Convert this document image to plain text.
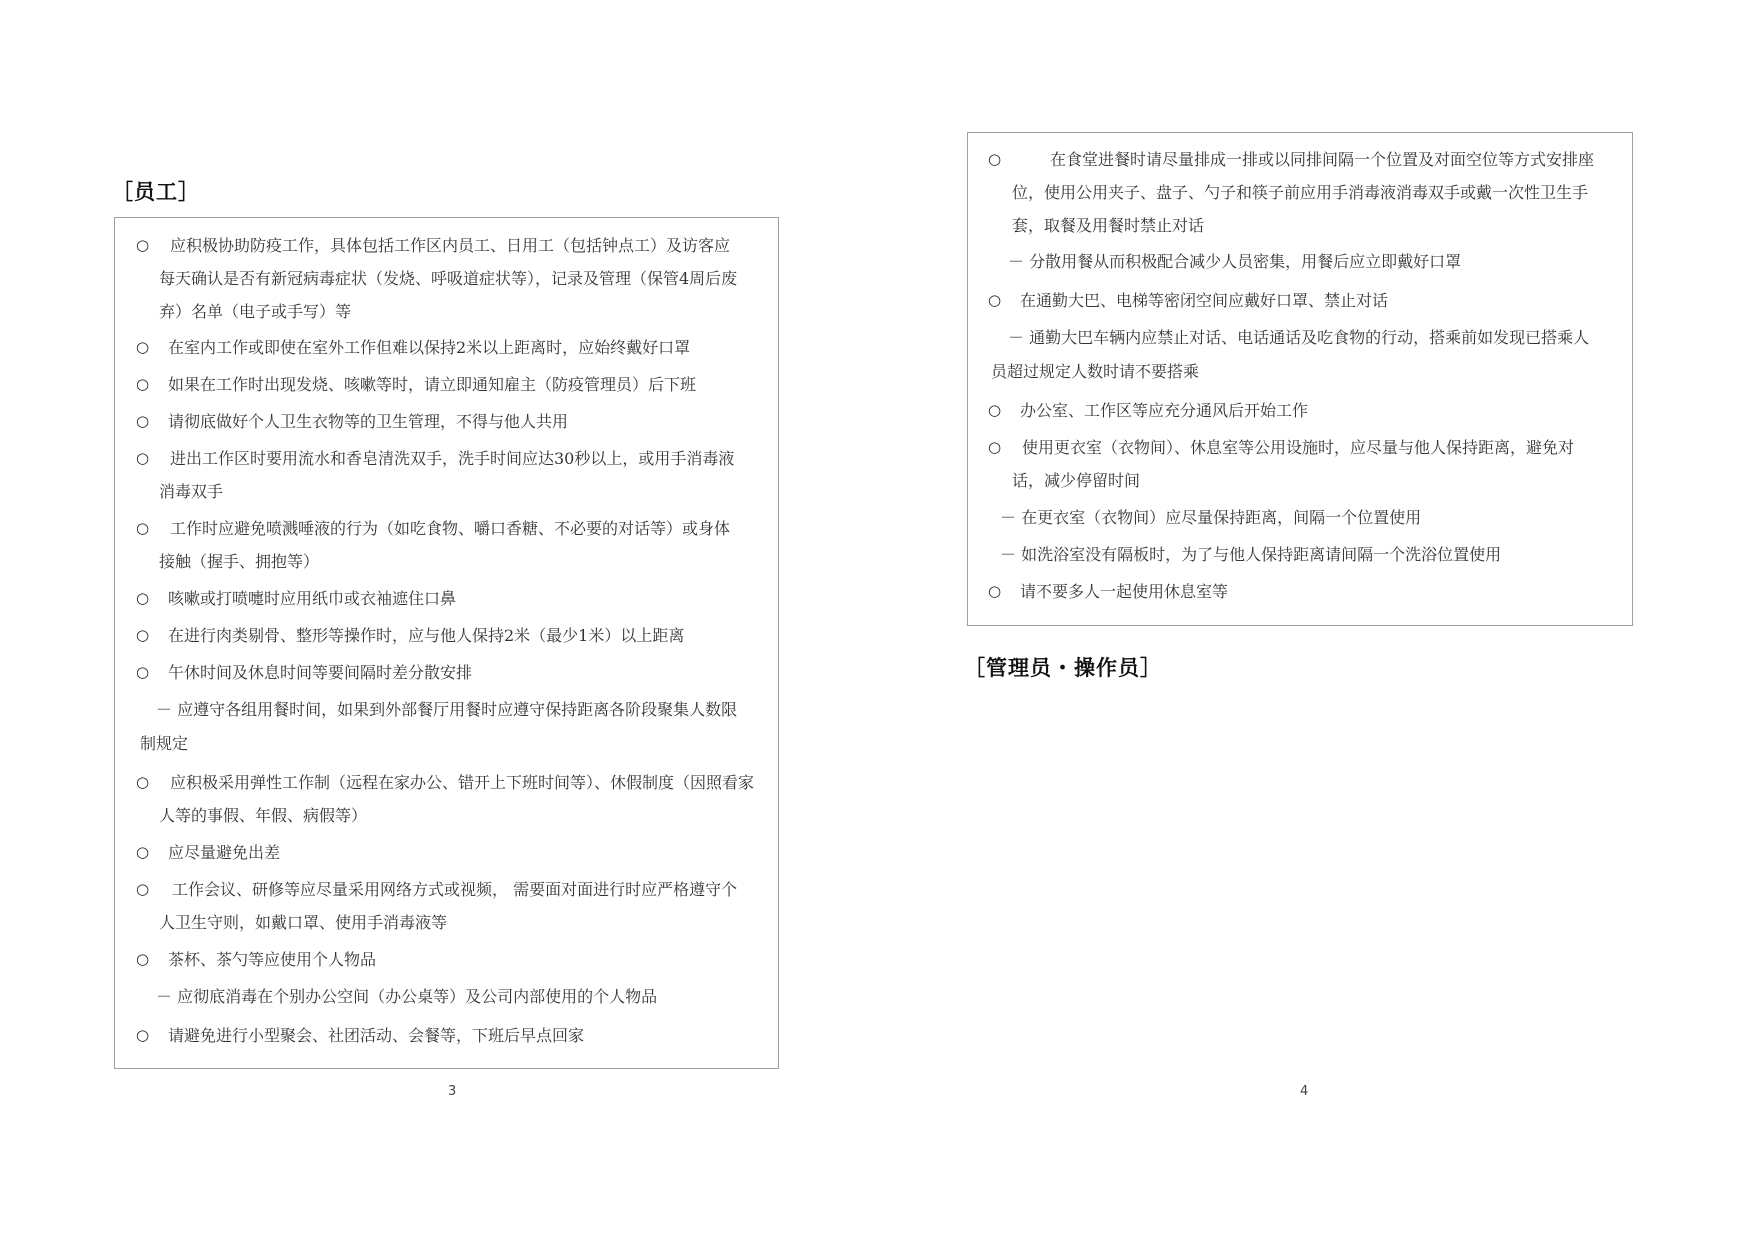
［员工］
○ 应积极协助防疫工作，具体包括工作区内员工、日用工（包括钟点工）及访客应
每天确认是否有新冠病毒症状（发烧、呼吸道症状等），记录及管理（保管4周后废
弃）名单（电子或手写）等
○ 在室内工作或即使在室外工作但难以保持2米以上距离时，应始终戴好口罩
○ 如果在工作时出现发烧、咳嗽等时，请立即通知雇主（防疫管理员）后下班
○ 请彻底做好个人卫生衣物等的卫生管理，不得与他人共用
○ 进出工作区时要用流水和香皂清洗双手，洗手时间应达30秒以上，或用手消毒液
消毒双手
○ 工作时应避免喷溅唾液的行为（如吃食物、嚼口香糖、不必要的对话等）或身体
接触（握手、拥抱等）
○ 咳嗽或打喷嚏时应用纸巾或衣袖遮住口鼻
○ 在进行肉类剔骨、整形等操作时，应与他人保持2米（最少1米）以上距离
○ 午休时间及休息时间等要间隔时差分散安排
－ 应遵守各组用餐时间，如果到外部餐厅用餐时应遵守保持距离各阶段聚集人数限
制规定
○ 应积极采用弹性工作制（远程在家办公、错开上下班时间等）、休假制度（因照看家
人等的事假、年假、病假等）
○ 应尽量避免出差
○ 工作会议、研修等应尽量采用网络方式或视频， 需要面对面进行时应严格遵守个
人卫生守则，如戴口罩、使用手消毒液等
○ 茶杯、茶勺等应使用个人物品
－ 应彻底消毒在个别办公空间（办公桌等）及公司内部使用的个人物品
○ 请避免进行小型聚会、社团活动、会餐等，下班后早点回家
3
○	在食堂进餐时请尽量排成一排或以同排间隔一个位置及对面空位等方式安排座
位，使用公用夹子、盘子、勺子和筷子前应用手消毒液消毒双手或戴一次性卫生手
套，取餐及用餐时禁止对话
－ 分散用餐从而积极配合减少人员密集，用餐后应立即戴好口罩
○ 在通勤大巴、电梯等密闭空间应戴好口罩、禁止对话
－ 通勤大巴车辆内应禁止对话、电话通话及吃食物的行动，搭乘前如发现已搭乘人
员超过规定人数时请不要搭乘
○ 办公室、工作区等应充分通风后开始工作
○ 使用更衣室（衣物间）、休息室等公用设施时，应尽量与他人保持距离，避免对
话，减少停留时间
－ 在更衣室（衣物间）应尽量保持距离，间隔一个位置使用
－ 如洗浴室没有隔板时，为了与他人保持距离请间隔一个洗浴位置使用
○ 请不要多人一起使用休息室等
［管理员・操作员］
4
